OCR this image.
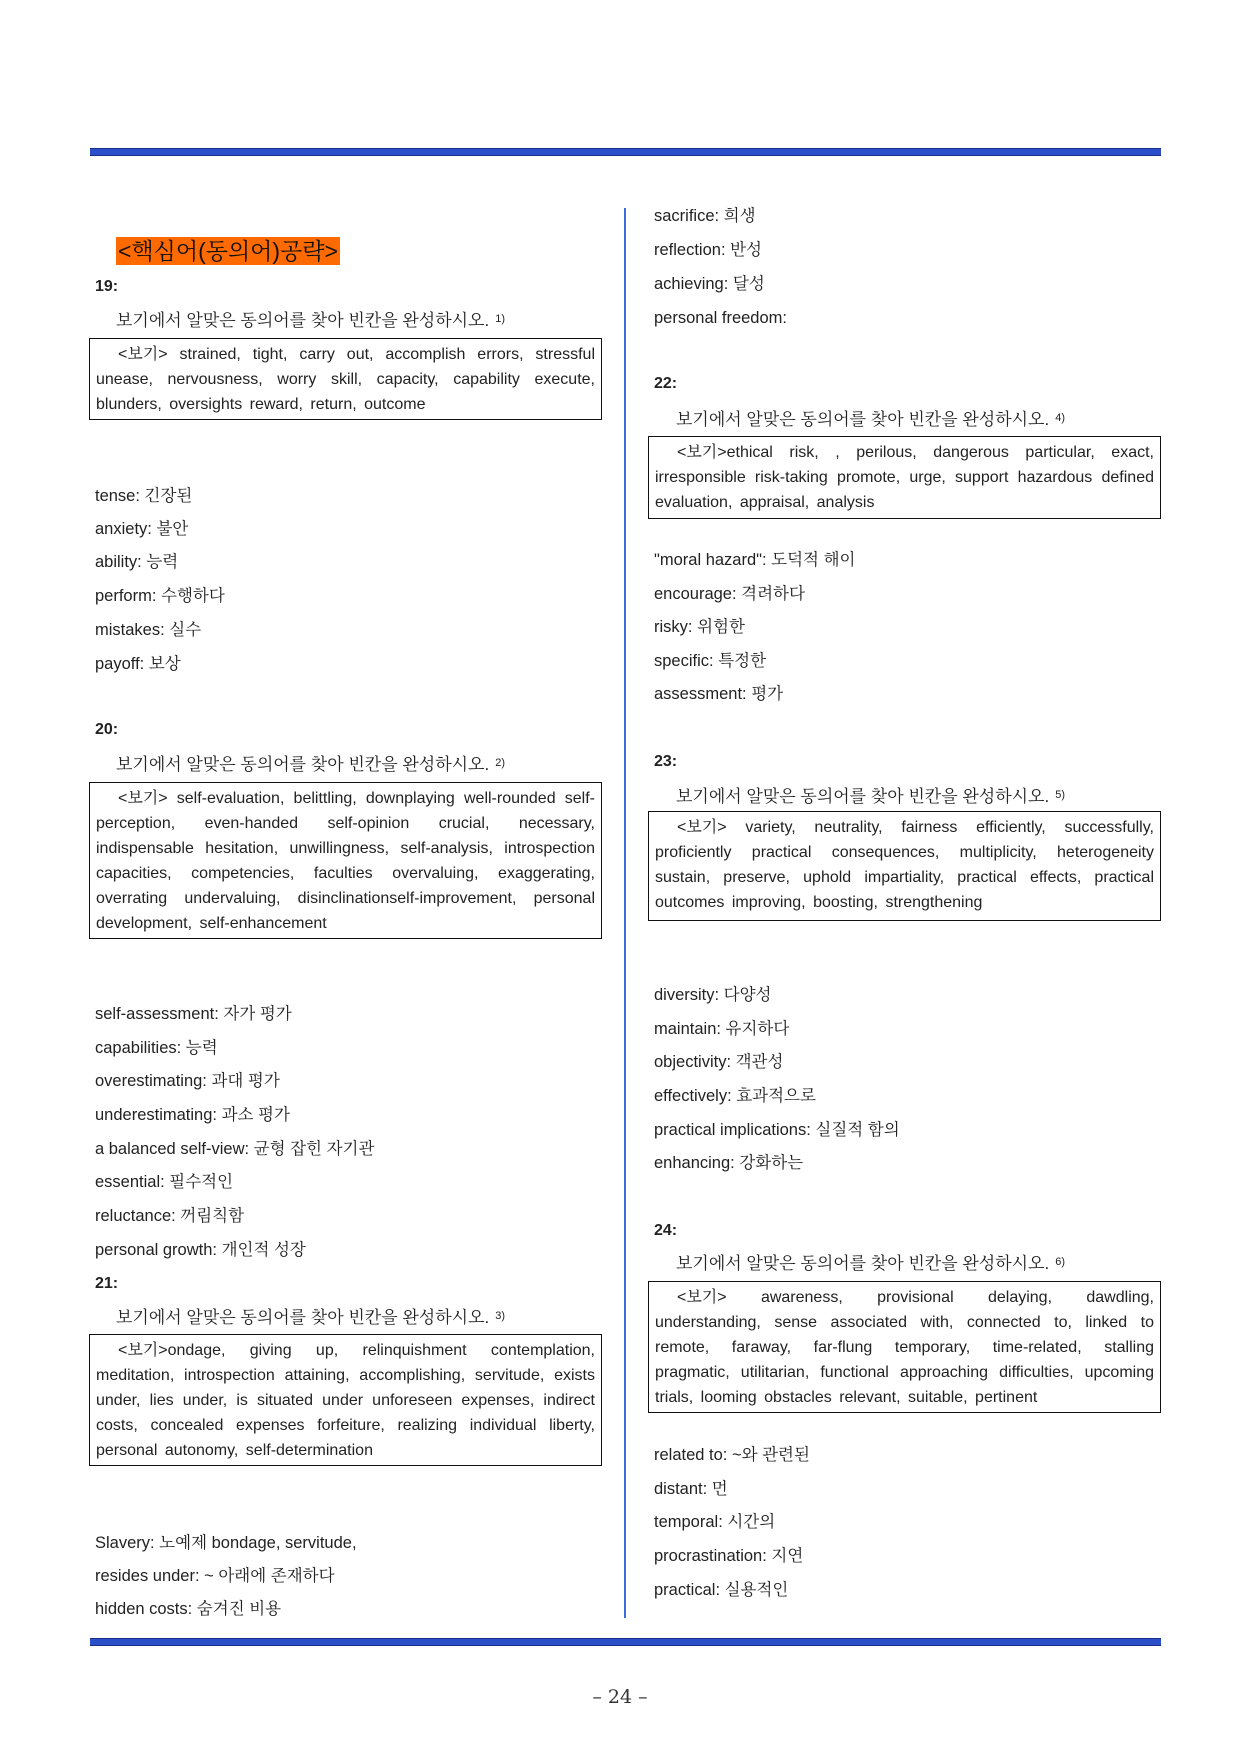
<핵심어(동의어)공략>
19:
보기에서 알맞은 동의어를 찾아 빈칸을 완성하시오. $^{1)}$
<보기> strained, tight, carry out, accomplish errors, stressful unease, nervousness, worry skill, capacity, capability execute, blunders, oversights reward, return, outcome
tense: 긴장된
anxiety: 불안
ability: 능력
perform: 수행하다
mistakes: 실수
payoff: 보상
20:
보기에서 알맞은 동의어를 찾아 빈칸을 완성하시오. $^{2)}$
<보기> self-evaluation, belittling, downplaying well-rounded self-perception, even-handed self-opinion crucial, necessary, indispensable hesitation, unwillingness, self-analysis, introspection capacities, competencies, faculties overvaluing, exaggerating, overrating undervaluing, disinclinationself-improvement, personal development, self-enhancement
self-assessment: 자가 평가
capabilities: 능력
overestimating: 과대 평가
underestimating: 과소 평가
a balanced self-view: 균형 잡힌 자기관
essential: 필수적인
reluctance: 꺼림칙함
personal growth: 개인적 성장
21:
보기에서 알맞은 동의어를 찾아 빈칸을 완성하시오. $^{3)}$
<보기>ondage, giving up, relinquishment contemplation, meditation, introspection attaining, accomplishing, servitude, exists under, lies under, is situated under unforeseen expenses, indirect costs, concealed expenses forfeiture, realizing individual liberty, personal autonomy, self-determination
Slavery: 노예제 bondage, servitude,
resides under: ~ 아래에 존재하다
hidden costs: 숨겨진 비용
sacrifice: 희생
reflection: 반성
achieving: 달성
personal freedom:
22:
보기에서 알맞은 동의어를 찾아 빈칸을 완성하시오. $^{4)}$
<보기>ethical risk, , perilous, dangerous particular, exact, irresponsible risk-taking promote, urge, support hazardous defined evaluation, appraisal, analysis
"moral hazard": 도덕적 해이
encourage: 격려하다
risky: 위험한
specific: 특정한
assessment: 평가
23:
보기에서 알맞은 동의어를 찾아 빈칸을 완성하시오. $^{5)}$
<보기> variety, neutrality, fairness efficiently, successfully, proficiently practical consequences, multiplicity, heterogeneity sustain, preserve, uphold impartiality, practical effects, practical outcomes improving, boosting, strengthening
diversity: 다양성
maintain: 유지하다
objectivity: 객관성
effectively: 효과적으로
practical implications: 실질적 함의
enhancing: 강화하는
24:
보기에서 알맞은 동의어를 찾아 빈칸을 완성하시오. $^{6)}$
<보기> awareness, provisional delaying, dawdling, understanding, sense associated with, connected to, linked to remote, faraway, far-flung temporary, time-related, stalling pragmatic, utilitarian, functional approaching difficulties, upcoming trials, looming obstacles relevant, suitable, pertinent
related to: ~와 관련된
distant: 먼
temporal: 시간의
procrastination: 지연
practical: 실용적인
– 24 –
